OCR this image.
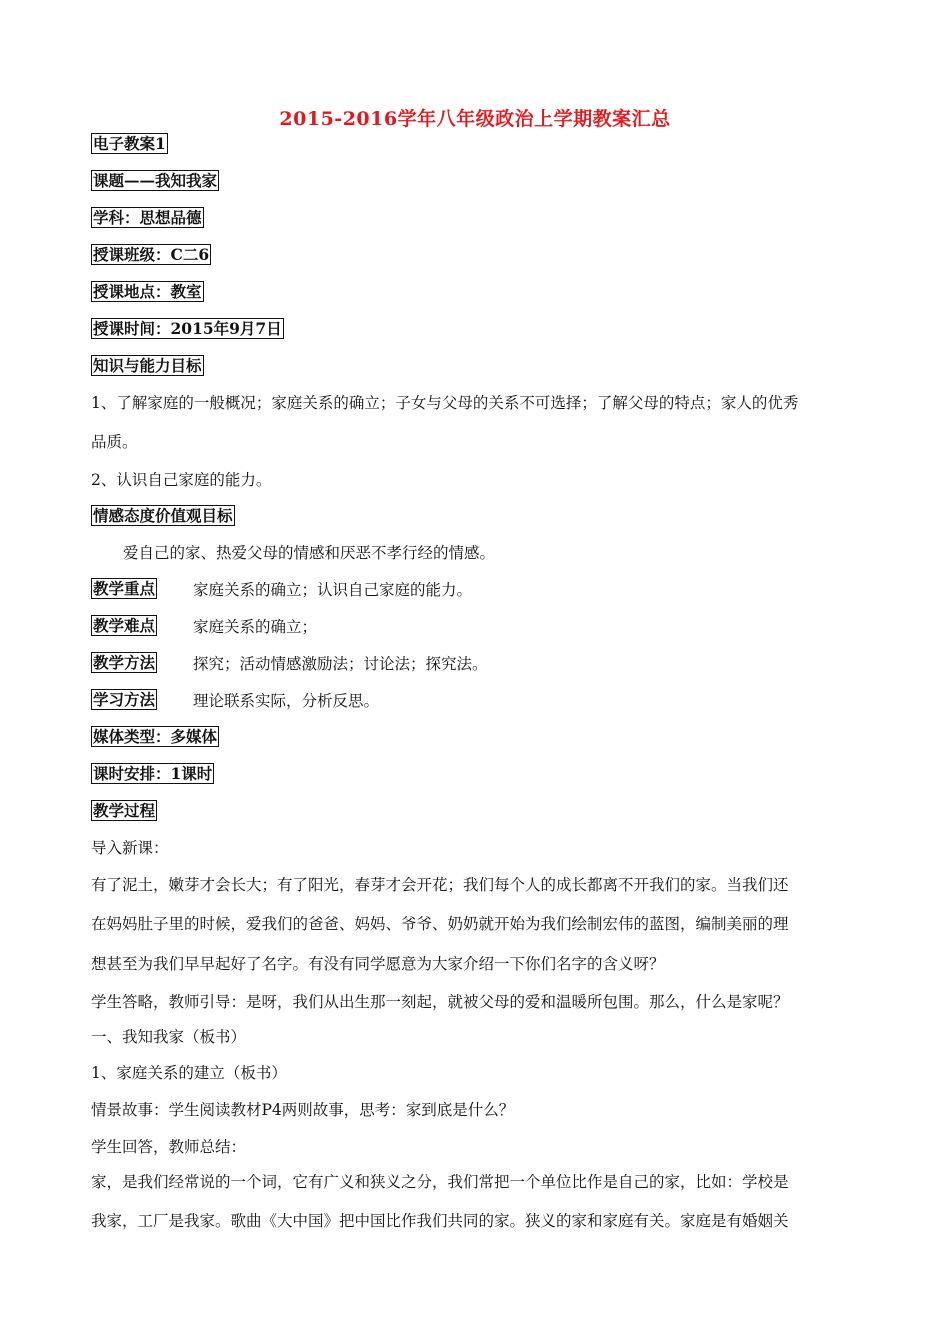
2015-2016学年八年级政治上学期教案汇总
电子教案1
课题——我知我家
学科：思想品德
授课班级：C二6
授课地点：教室
授课时间：2015年9月7日
知识与能力目标
1、了解家庭的一般概况；家庭关系的确立；子女与父母的关系不可选择；了解父母的特点；家人的优秀
品质。
2、认识自己家庭的能力。
情感态度价值观目标
爱自己的家、热爱父母的情感和厌恶不孝行经的情感。
教学重点 家庭关系的确立；认识自己家庭的能力。
教学难点 家庭关系的确立；
教学方法 探究；活动情感激励法；讨论法；探究法。
学习方法 理论联系实际，分析反思。
媒体类型：多媒体
课时安排：1课时
教学过程
导入新课：
有了泥土，嫩芽才会长大；有了阳光，春芽才会开花；我们每个人的成长都离不开我们的家。当我们还
在妈妈肚子里的时候，爱我们的爸爸、妈妈、爷爷、奶奶就开始为我们绘制宏伟的蓝图，编制美丽的理
想甚至为我们早早起好了名字。有没有同学愿意为大家介绍一下你们名字的含义呀？
学生答略，教师引导：是呀，我们从出生那一刻起，就被父母的爱和温暖所包围。那么，什么是家呢？
一、我知我家（板书）
1、家庭关系的建立（板书）
情景故事：学生阅读教材P4两则故事，思考：家到底是什么？
学生回答，教师总结：
家，是我们经常说的一个词，它有广义和狭义之分，我们常把一个单位比作是自己的家，比如：学校是
我家，工厂是我家。歌曲《大中国》把中国比作我们共同的家。狭义的家和家庭有关。家庭是有婚姻关
